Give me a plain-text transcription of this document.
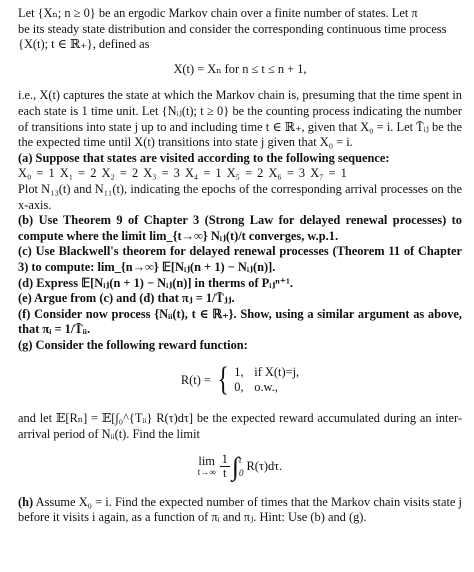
Let {Xₙ; n ≥ 0} be an ergodic Markov chain over a finite number of states. Let π

be its steady state distribution and consider the corresponding continuous time process

{X(t); t ∈ ℝ₊}, defined as

X(t) = Xₙ for n ≤ t ≤ n + 1,

i.e., X(t) captures the state at which the Markov chain is, presuming that the time spent in each state is 1 time unit. Let {Nᵢⱼ(t); t ≥ 0} be the counting process indicating the number of transitions into state j up to and including time t ∈ ℝ₊, given that X₀ = i. Let T̄ᵢⱼ be the the expected time until X(t) transitions into state j given that X₀ = i.

(a) Suppose that states are visited according to the following sequence:

X₀ = 1 X₁ = 2 X₂ = 2 X₃ = 3 X₄ = 1 X₅ = 2 X₆ = 3 X₇ = 1

Plot N₁₃(t) and N₁₁(t), indicating the epochs of the corresponding arrival processes on the x-axis.

(b) Use Theorem 9 of Chapter 3 (Strong Law for delayed renewal processes) to compute where the limit lim_{t→∞} Nᵢⱼ(t)/t converges, w.p.1.

(c) Use Blackwell's theorem for delayed renewal processes (Theorem 11 of Chapter 3) to compute: lim_{n→∞} 𝔼[Nᵢⱼ(n + 1) − Nᵢⱼ(n)].

(d) Express 𝔼[Nᵢⱼ(n + 1) − Nᵢⱼ(n)] in therms of Pᵢⱼⁿ⁺¹.

(e) Argue from (c) and (d) that πⱼ = 1/T̄ⱼⱼ.

(f) Consider now process {Nᵢᵢ(t), t ∈ ℝ₊}. Show, using a similar argument as above, that πᵢ = 1/T̄ᵢᵢ.

(g) Consider the following reward function:

R(t) = { 1, if X(t)=j,
0, o.w.,

and let 𝔼[Rₙ] = 𝔼[∫₀^{Tᵢᵢ} R(τ)dτ] be the expected reward accumulated during an inter-arrival period of Nᵢᵢ(t). Find the limit

lim
$t\to\infty \frac{1}{t}$ ∫ t
0 R(τ)dτ.

(h) Assume X₀ = i. Find the expected number of times that the Markov chain visits state j before it visits i again, as a function of πᵢ and πⱼ. Hint: Use (b) and (g).
